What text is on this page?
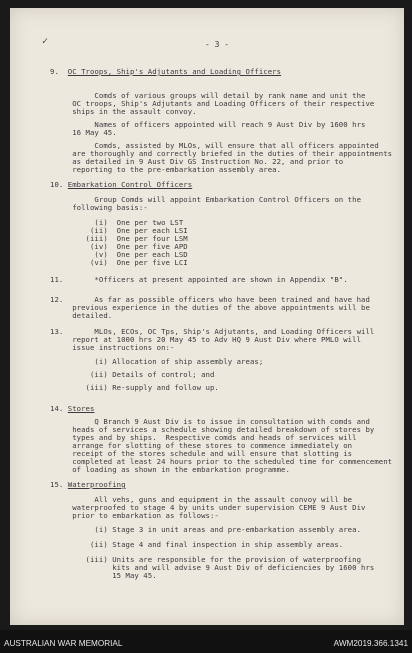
✓	- 3 -
9.  OC Troops, Ship's Adjutants and Loading Officers
Comds of various groups will detail by rank name and unit the
OC troops, Ship's Adjutants and Loading Officers of their respective
ships in the assault convoy.
Names of officers appointed will reach 9 Aust Div by 1600 hrs
16 May 45.
Comds, assisted by MLOs, will ensure that all officers appointed
are thoroughly and correctly briefed in the duties of their appointments
as detailed in 9 Aust Div GS Instruction No. 22, and prior to
reporting to the pre-embarkation assembly area.
10. Embarkation Control Officers
Group Comds will appoint Embarkation Control Officers on the
following basis:-
(i)  One per two LST
(ii)  One per each LSI
(iii)  One per four LSM
(iv)  One per five APD
(v)  One per each LSD
(vi)  One per five LCI
11.       *Officers at present appointed are shown in Appendix "B".
12.       As far as possible officers who have been trained and have had
previous experience in the duties of the above appointments will be
detailed.
13.       MLOs, ECOs, OC Tps, Ship's Adjutants, and Loading Officers will
report at 1000 hrs 20 May 45 to Adv HQ 9 Aust Div where PMLO will
issue instructions on:-
(i) Allocation of ship assembly areas;
(ii) Details of control; and
(iii) Re-supply and follow up.
14. Stores
Q Branch 9 Aust Div is to issue in consultation with comds and
heads of services a schedule showing detailed breakdown of stores by
types and by ships.  Respective comds and heads of services will
arrange for slotting of these stores to commence immediately on
receipt of the stores schedule and will ensure that slotting is
completed at least 24 hours prior to the scheduled time for commencement
of loading as shown in the embarkation programme.
15. Waterproofing
All vehs, guns and equipment in the assault convoy will be
waterproofed to stage 4 by units under supervision CEME 9 Aust Div
prior to embarkation as follows:-
(i) Stage 3 in unit areas and pre-embarkation assembly area.
(ii) Stage 4 and final inspection in ship assembly areas.
(iii) Units are responsible for the provision of waterproofing
kits and will advise 9 Aust Div of deficiencies by 1600 hrs
15 May 45.
AUSTRALIAN WAR MEMORIAL	AWM2019.366.1341
